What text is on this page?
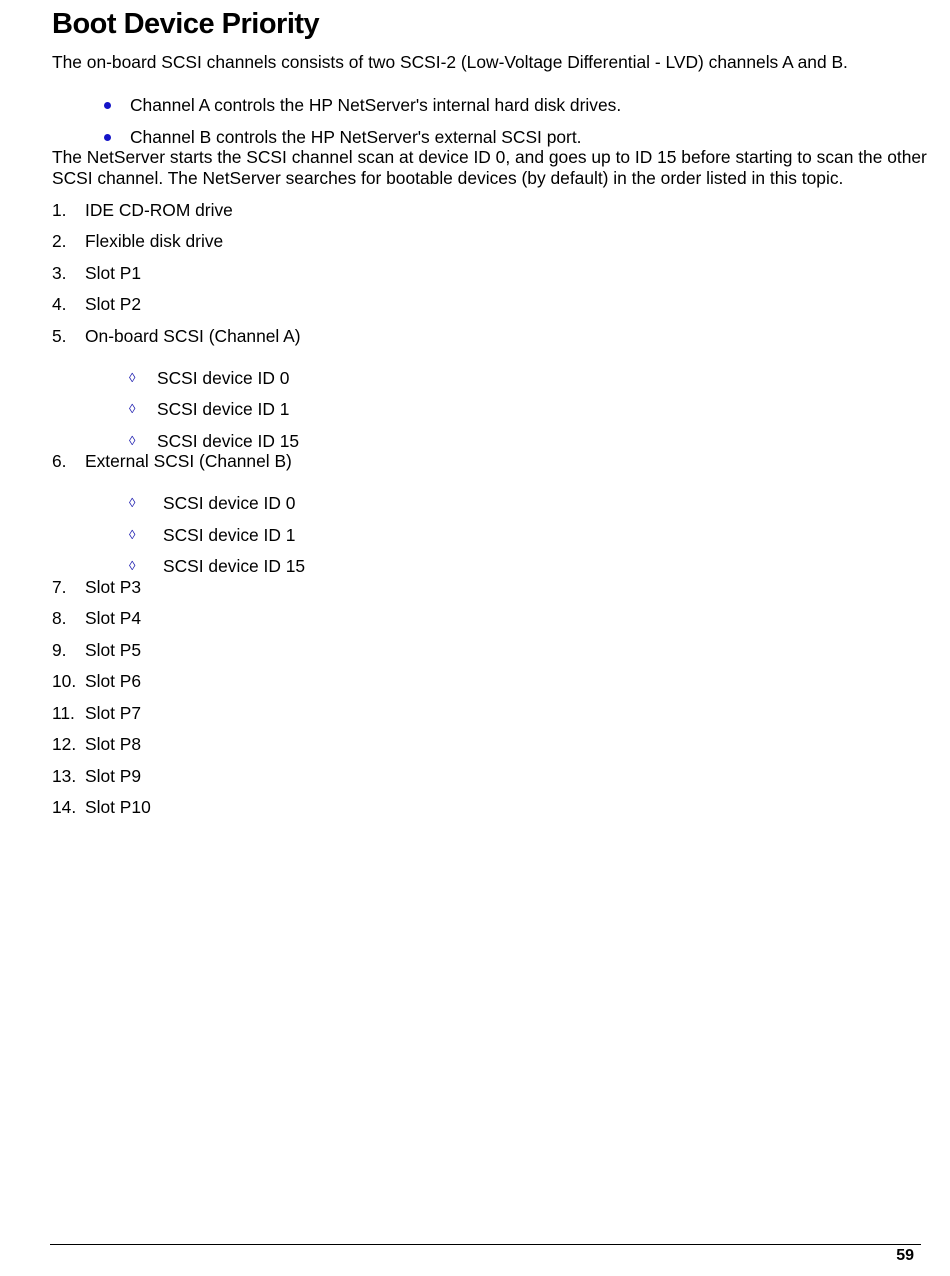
Boot Device Priority

The on-board SCSI channels consists of two SCSI-2 (Low-Voltage Differential - LVD) channels A and B.

Channel A controls the HP NetServer's internal hard disk drives.
Channel B controls the HP NetServer's external SCSI port.

The NetServer starts the SCSI channel scan at device ID 0, and goes up to ID 15 before starting to scan the other SCSI channel. The NetServer searches for bootable devices (by default) in the order listed in this topic.

1. IDE CD-ROM drive
2. Flexible disk drive
3. Slot P1
4. Slot P2
5. On-board SCSI (Channel A)
◊ SCSI device ID 0
◊ SCSI device ID 1
◊ SCSI device ID 15
6. External SCSI (Channel B)
◊ SCSI device ID 0
◊ SCSI device ID 1
◊ SCSI device ID 15
7. Slot P3
8. Slot P4
9. Slot P5
10. Slot P6
11. Slot P7
12. Slot P8
13. Slot P9
14. Slot P10
59
